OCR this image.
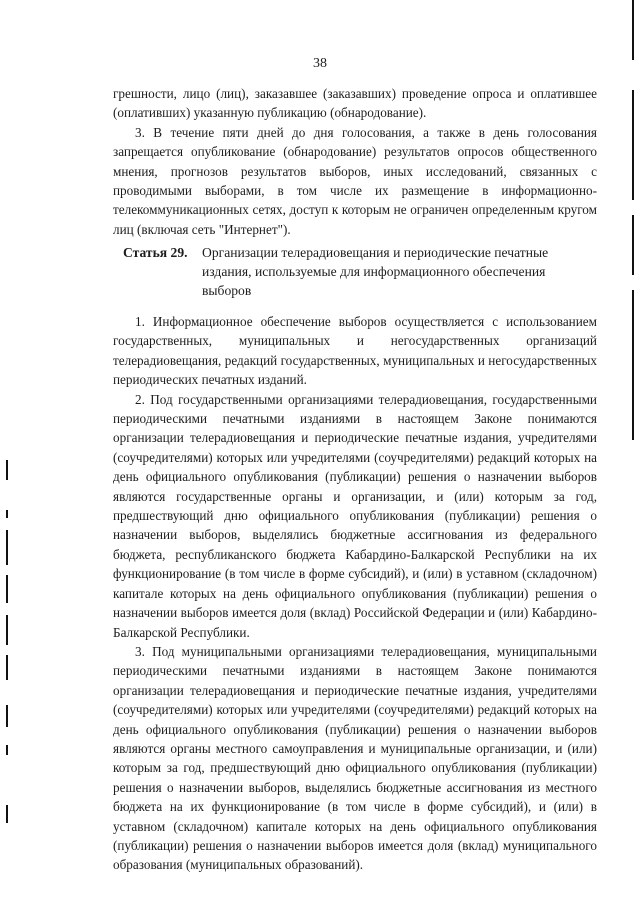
38

грешности, лицо (лиц), заказавшее (заказавших) проведение опроса и оплатившее (оплативших) указанную публикацию (обнародование).

3. В течение пяти дней до дня голосования, а также в день голосования запрещается опубликование (обнародование) результатов опросов общественного мнения, прогнозов результатов выборов, иных исследований, связанных с проводимыми выборами, в том числе их размещение в информационно-телекоммуникационных сетях, доступ к которым не ограничен определенным кругом лиц (включая сеть "Интернет").

Статья 29. Организации телерадиовещания и периодические печатные издания, используемые для информационного обеспечения выборов

1. Информационное обеспечение выборов осуществляется с использованием государственных, муниципальных и негосударственных организаций телерадиовещания, редакций государственных, муниципальных и негосударственных периодических печатных изданий.

2. Под государственными организациями телерадиовещания, государственными периодическими печатными изданиями в настоящем Законе понимаются организации телерадиовещания и периодические печатные издания, учредителями (соучредителями) которых или учредителями (соучредителями) редакций которых на день официального опубликования (публикации) решения о назначении выборов являются государственные органы и организации, и (или) которым за год, предшествующий дню официального опубликования (публикации) решения о назначении выборов, выделялись бюджетные ассигнования из федерального бюджета, республиканского бюджета Кабардино-Балкарской Республики на их функционирование (в том числе в форме субсидий), и (или) в уставном (складочном) капитале которых на день официального опубликования (публикации) решения о назначении выборов имеется доля (вклад) Российской Федерации и (или) Кабардино-Балкарской Республики.

3. Под муниципальными организациями телерадиовещания, муниципальными периодическими печатными изданиями в настоящем Законе понимаются организации телерадиовещания и периодические печатные издания, учредителями (соучредителями) которых или учредителями (соучредителями) редакций которых на день официального опубликования (публикации) решения о назначении выборов являются органы местного самоуправления и муниципальные организации, и (или) которым за год, предшествующий дню официального опубликования (публикации) решения о назначении выборов, выделялись бюджетные ассигнования из местного бюджета на их функционирование (в том числе в форме субсидий), и (или) в уставном (складочном) капитале которых на день официального опубликования (публикации) решения о назначении выборов имеется доля (вклад) муниципального образования (муниципальных образований).
